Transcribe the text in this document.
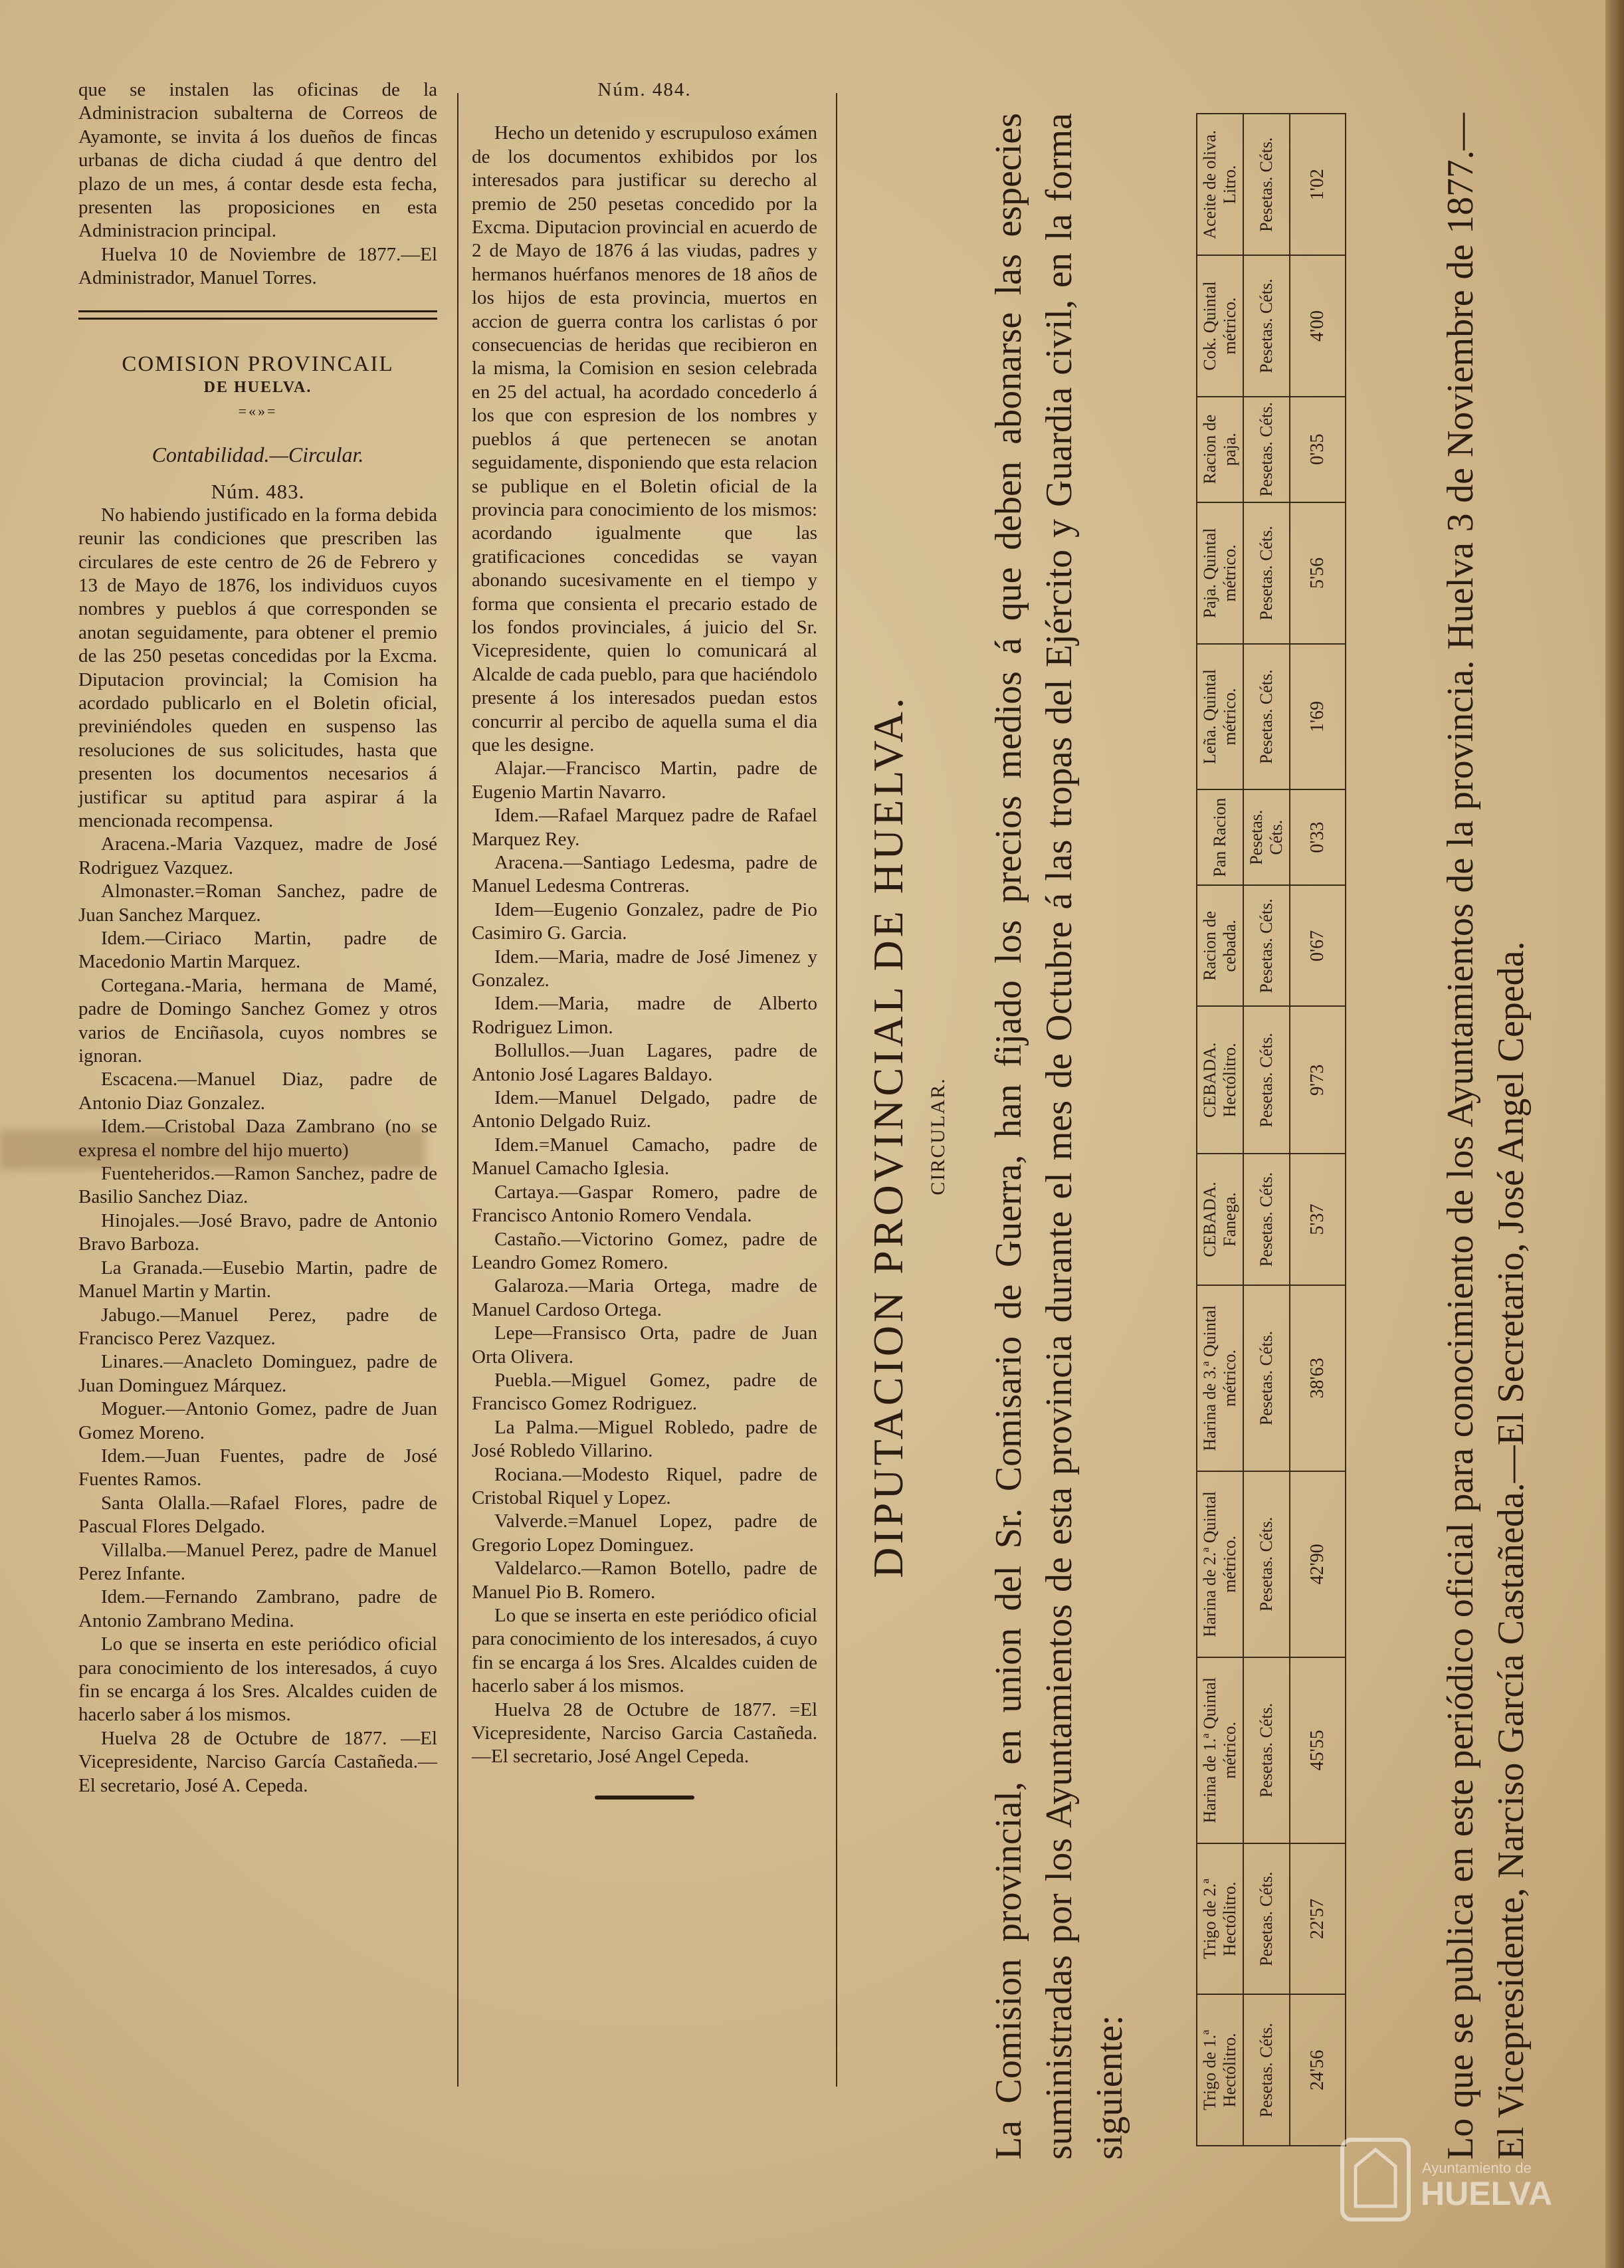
que se instalen las oficinas de la Administracion subalterna de Correos de Ayamonte, se invita á los dueños de fincas urbanas de dicha ciudad á que dentro del plazo de un mes, á contar desde esta fecha, presenten las proposiciones en esta Administracion principal.

Huelva 10 de Noviembre de 1877.—El Administrador, Manuel Torres.

COMISION PROVINCAIL

DE HUELVA.

=«»=

Contabilidad.—Circular.

Núm. 483.

No habiendo justificado en la forma debida reunir las condiciones que prescriben las circulares de este centro de 26 de Febrero y 13 de Mayo de 1876, los individuos cuyos nombres y pueblos á que corresponden se anotan seguidamente, para obtener el premio de las 250 pesetas concedidas por la Excma. Diputacion provincial; la Comision ha acordado publicarlo en el Boletin oficial, previniéndoles queden en suspenso las resoluciones de sus solicitudes, hasta que presenten los documentos necesarios á justificar su aptitud para aspirar á la mencionada recompensa.

Aracena.-Maria Vazquez, madre de José Rodriguez Vazquez.

Almonaster.=Roman Sanchez, padre de Juan Sanchez Marquez.

Idem.—Ciriaco Martin, padre de Macedonio Martin Marquez.

Cortegana.-Maria, hermana de Mamé, padre de Domingo Sanchez Gomez y otros varios de Enciñasola, cuyos nombres se ignoran.

Escacena.—Manuel Diaz, padre de Antonio Diaz Gonzalez.

Idem.—Cristobal Daza Zambrano (no se expresa el nombre del hijo muerto)

Fuenteheridos.—Ramon Sanchez, padre de Basilio Sanchez Diaz.

Hinojales.—José Bravo, padre de Antonio Bravo Barboza.

La Granada.—Eusebio Martin, padre de Manuel Martin y Martin.

Jabugo.—Manuel Perez, padre de Francisco Perez Vazquez.

Linares.—Anacleto Dominguez, padre de Juan Dominguez Márquez.

Moguer.—Antonio Gomez, padre de Juan Gomez Moreno.

Idem.—Juan Fuentes, padre de José Fuentes Ramos.

Santa Olalla.—Rafael Flores, padre de Pascual Flores Delgado.

Villalba.—Manuel Perez, padre de Manuel Perez Infante.

Idem.—Fernando Zambrano, padre de Antonio Zambrano Medina.

Lo que se inserta en este periódico oficial para conocimiento de los interesados, á cuyo fin se encarga á los Sres. Alcaldes cuiden de hacerlo saber á los mismos.

Huelva 28 de Octubre de 1877. —El Vicepresidente, Narciso García Castañeda.—El secretario, José A. Cepeda.

Núm. 484.

Hecho un detenido y escrupuloso exámen de los documentos exhibidos por los interesados para justificar su derecho al premio de 250 pesetas concedido por la Excma. Diputacion provincial en acuerdo de 2 de Mayo de 1876 á las viudas, padres y hermanos huérfanos menores de 18 años de los hijos de esta provincia, muertos en accion de guerra contra los carlistas ó por consecuencias de heridas que recibieron en la misma, la Comision en sesion celebrada en 25 del actual, ha acordado concederlo á los que con espresion de los nombres y pueblos á que pertenecen se anotan seguidamente, disponiendo que esta relacion se publique en el Boletin oficial de la provincia para conocimiento de los mismos: acordando igualmente que las gratificaciones concedidas se vayan abonando sucesivamente en el tiempo y forma que consienta el precario estado de los fondos provinciales, á juicio del Sr. Vicepresidente, quien lo comunicará al Alcalde de cada pueblo, para que haciéndolo presente á los interesados puedan estos concurrir al percibo de aquella suma el dia que les designe.

Alajar.—Francisco Martin, padre de Eugenio Martin Navarro.

Idem.—Rafael Marquez padre de Rafael Marquez Rey.

Aracena.—Santiago Ledesma, padre de Manuel Ledesma Contreras.

Idem—Eugenio Gonzalez, padre de Pio Casimiro G. Garcia.

Idem.—Maria, madre de José Jimenez y Gonzalez.

Idem.—Maria, madre de Alberto Rodriguez Limon.

Bollullos.—Juan Lagares, padre de Antonio José Lagares Baldayo.

Idem.—Manuel Delgado, padre de Antonio Delgado Ruiz.

Idem.=Manuel Camacho, padre de Manuel Camacho Iglesia.

Cartaya.—Gaspar Romero, padre de Francisco Antonio Romero Vendala.

Castaño.—Victorino Gomez, padre de Leandro Gomez Romero.

Galaroza.—Maria Ortega, madre de Manuel Cardoso Ortega.

Lepe—Fransisco Orta, padre de Juan Orta Olivera.

Puebla.—Miguel Gomez, padre de Francisco Gomez Rodriguez.

La Palma.—Miguel Robledo, padre de José Robledo Villarino.

Rociana.—Modesto Riquel, padre de Cristobal Riquel y Lopez.

Valverde.=Manuel Lopez, padre de Gregorio Lopez Dominguez.

Valdelarco.—Ramon Botello, padre de Manuel Pio B. Romero.

Lo que se inserta en este periódico oficial para conocimiento de los interesados, á cuyo fin se encarga á los Sres. Alcaldes cuiden de hacerlo saber á los mismos.

Huelva 28 de Octubre de 1877. =El Vicepresidente, Narciso Garcia Castañeda.—El secretario, José Angel Cepeda.

DIPUTACION PROVINCIAL DE HUELVA. CIRCULAR. La Comision provincial, en union del Sr. Comisario de Guerra, han fijado los precios medios á que deben abonarse las especies suministradas por los Ayuntamientos de esta provincia durante el mes de Octubre á las tropas del Ejército y Guardia civil, en la forma siguiente:	Trigo de 1.ª Hectólitro.	Trigo de 2.ª Hectólitro.	Harina de 1.ª Quintal métrico.	Harina de 2.ª Quintal métrico.	Harina de 3.ª Quintal métrico.	CEBADA. Fanega.	CEBADA. Hectólitro.	Racion de cebada.	Pan Racion	Leña. Quintal métrico.	Paja. Quintal métrico.	Racion de paja.	Cok. Quintal métrico.	Aceite de oliva. Litro.
Pesetas. Céts.	Pesetas. Céts.	Pesetas. Céts.	Pesetas. Céts.	Pesetas. Céts.	Pesetas. Céts.	Pesetas. Céts.	Pesetas. Céts.	Pesetas. Céts.	Pesetas. Céts.	Pesetas. Céts.	Pesetas. Céts.	Pesetas. Céts.	Pesetas. Céts.
24'56	22'57	45'55	42'90	38'63	5'37	9'73	0'67	0'33	1'69	5'56	0'35	4'00	1'02	Lo que se publica en este periódico oficial para conocimiento de los Ayuntamientos de la provincia. Huelva 3 de Noviembre de 1877.—El Vicepresidente, Narciso García Castañeda.—El Secretario, José Angel Cepeda.
Ayuntamiento de
HUELVA
